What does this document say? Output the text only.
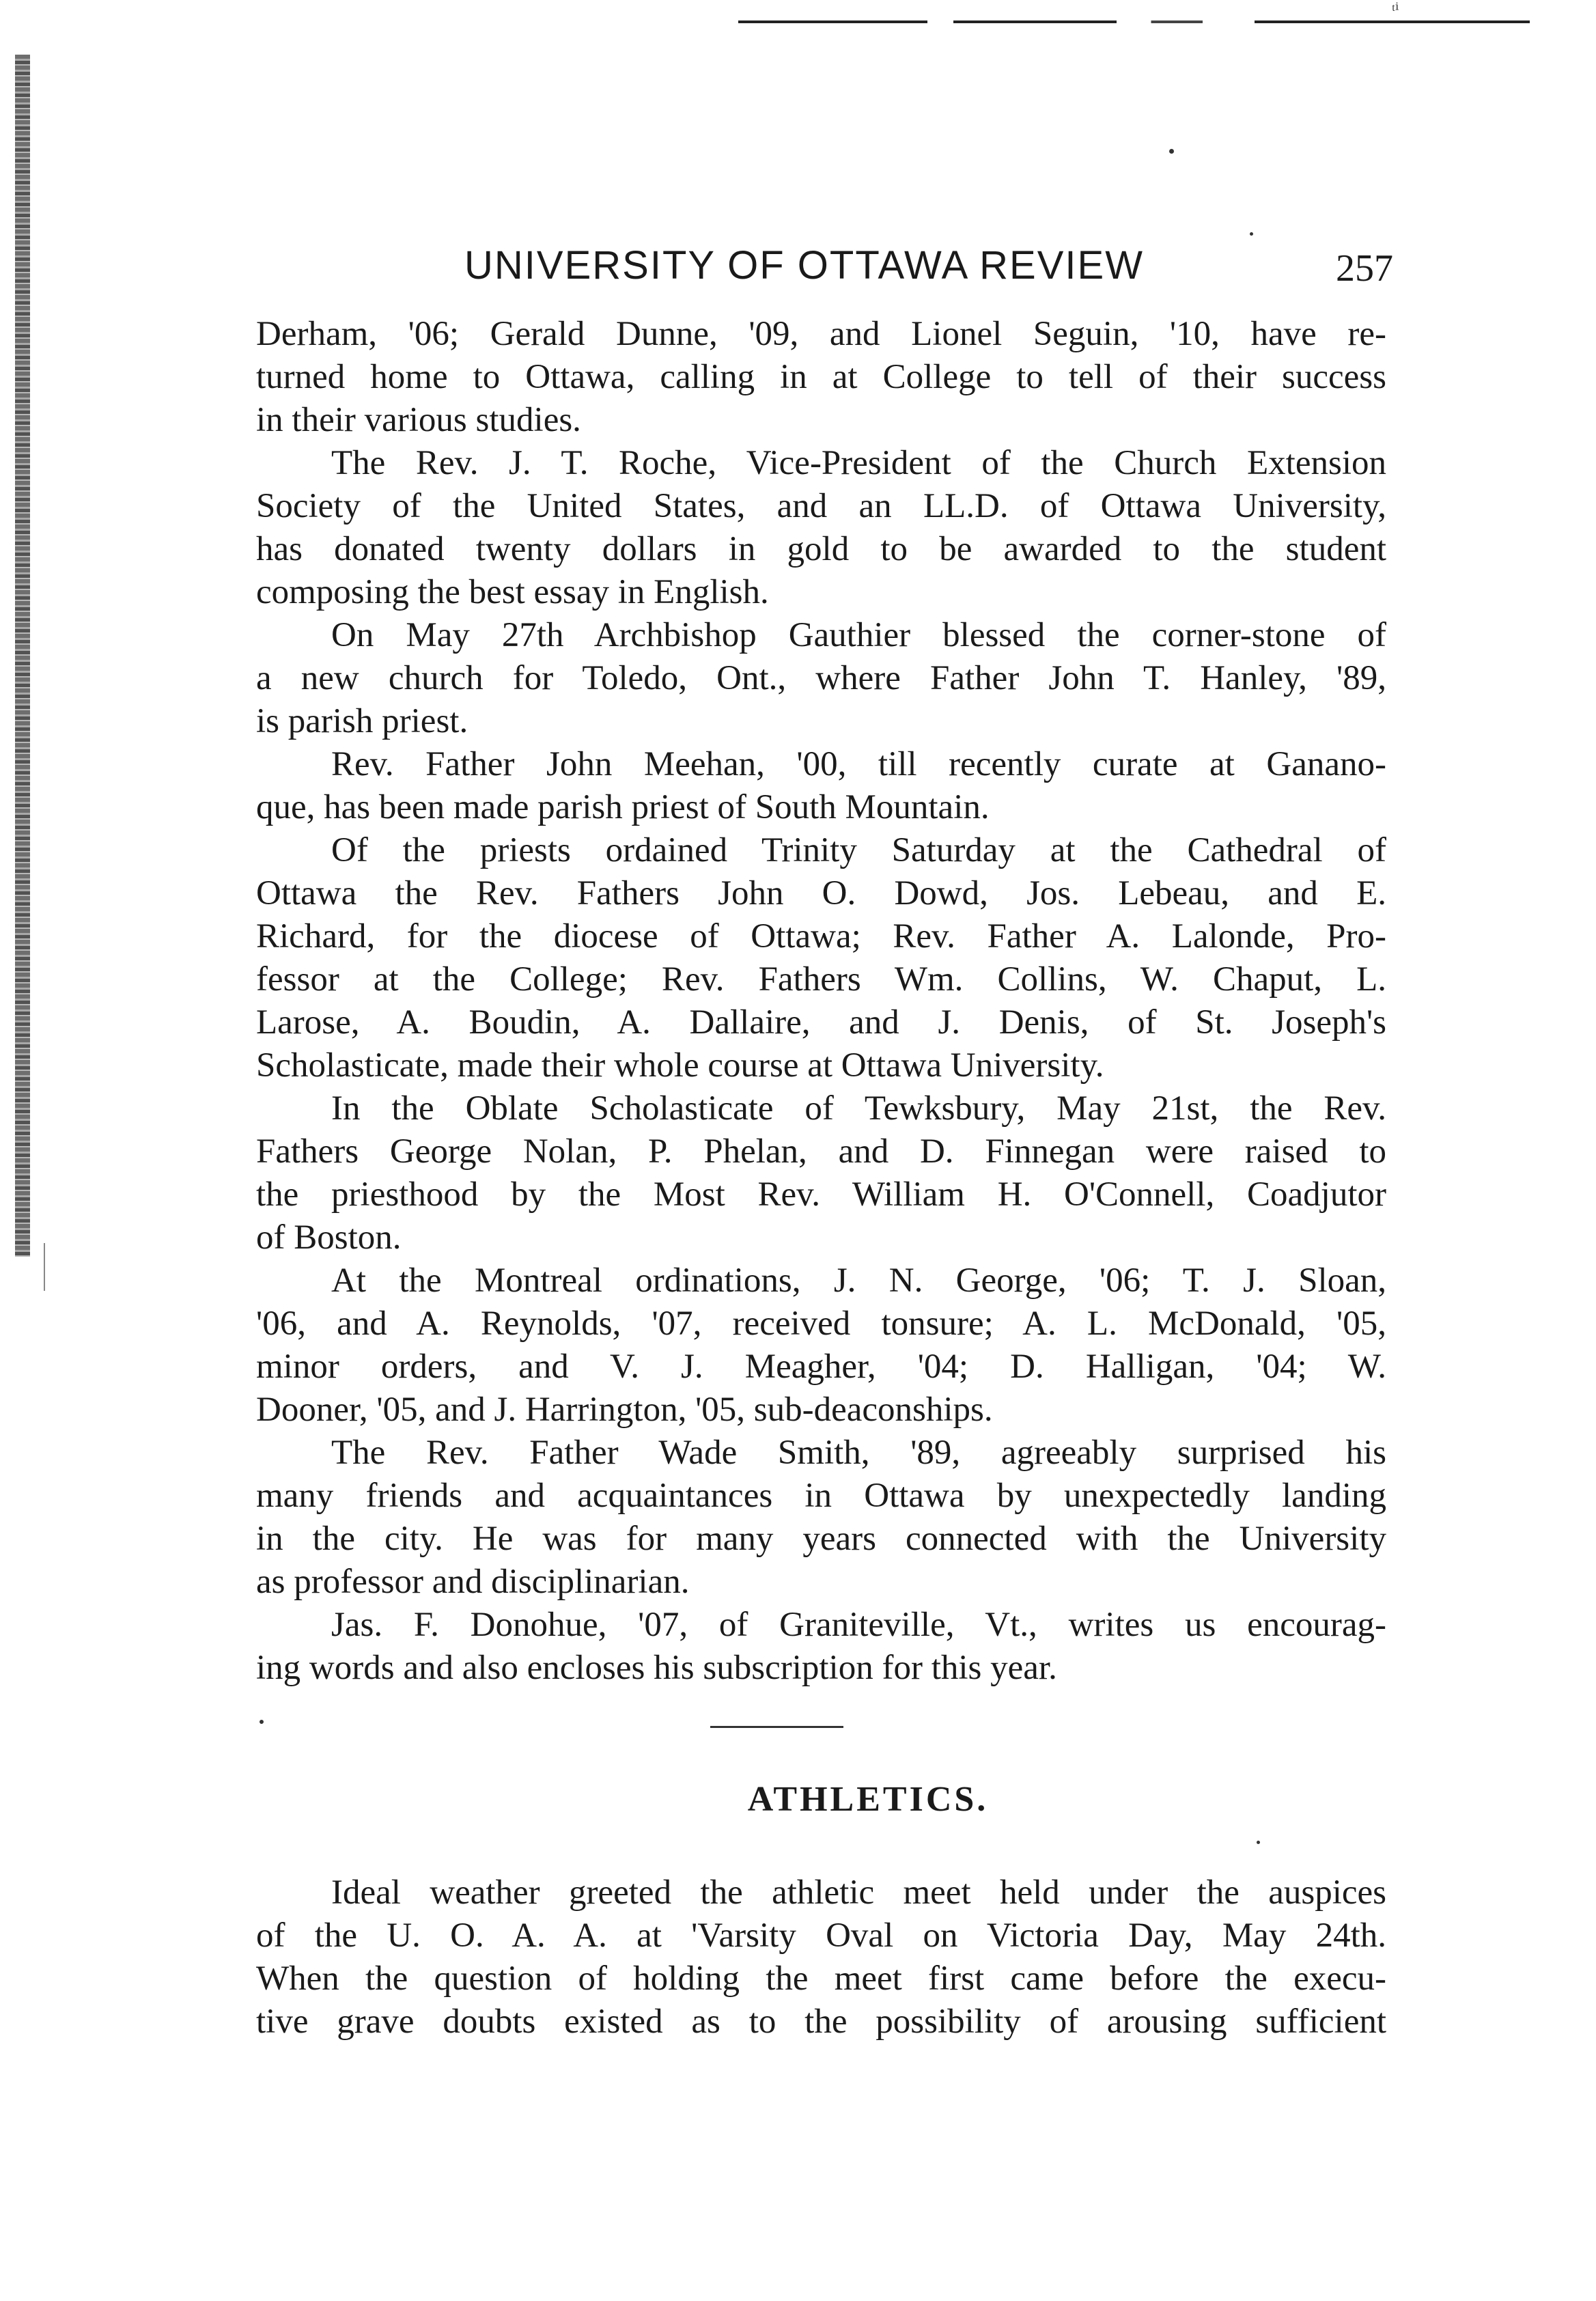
ᵗⁱ
UNIVERSITY OF OTTAWA REVIEW	257
Derham, '06; Gerald Dunne, '09, and Lionel Seguin, '10, have re-
turned home to Ottawa, calling in at College to tell of their success
in their various studies.
The Rev. J. T. Roche, Vice-President of the Church Extension
Society of the United States, and an LL.D. of Ottawa University,
has donated twenty dollars in gold to be awarded to the student
composing the best essay in English.
On May 27th Archbishop Gauthier blessed the corner-stone of
a new church for Toledo, Ont., where Father John T. Hanley, '89,
is parish priest.
Rev. Father John Meehan, '00, till recently curate at Ganano-
que, has been made parish priest of South Mountain.
Of the priests ordained Trinity Saturday at the Cathedral of
Ottawa the Rev. Fathers John O. Dowd, Jos. Lebeau, and E.
Richard, for the diocese of Ottawa; Rev. Father A. Lalonde, Pro-
fessor at the College; Rev. Fathers Wm. Collins, W. Chaput, L.
Larose, A. Boudin, A. Dallaire, and J. Denis, of St. Joseph's
Scholasticate, made their whole course at Ottawa University.
In the Oblate Scholasticate of Tewksbury, May 21st, the Rev.
Fathers George Nolan, P. Phelan, and D. Finnegan were raised to
the priesthood by the Most Rev. William H. O'Connell, Coadjutor
of Boston.
At the Montreal ordinations, J. N. George, '06; T. J. Sloan,
'06, and A. Reynolds, '07, received tonsure; A. L. McDonald, '05,
minor orders, and V. J. Meagher, '04; D. Halligan, '04; W.
Dooner, '05, and J. Harrington, '05, sub-deaconships.
The Rev. Father Wade Smith, '89, agreeably surprised his
many friends and acquaintances in Ottawa by unexpectedly landing
in the city. He was for many years connected with the University
as professor and disciplinarian.
Jas. F. Donohue, '07, of Graniteville, Vt., writes us encourag-
ing words and also encloses his subscription for this year.
ATHLETICS.
Ideal weather greeted the athletic meet held under the auspices
of the U. O. A. A. at 'Varsity Oval on Victoria Day, May 24th.
When the question of holding the meet first came before the execu-
tive grave doubts existed as to the possibility of arousing sufficient
